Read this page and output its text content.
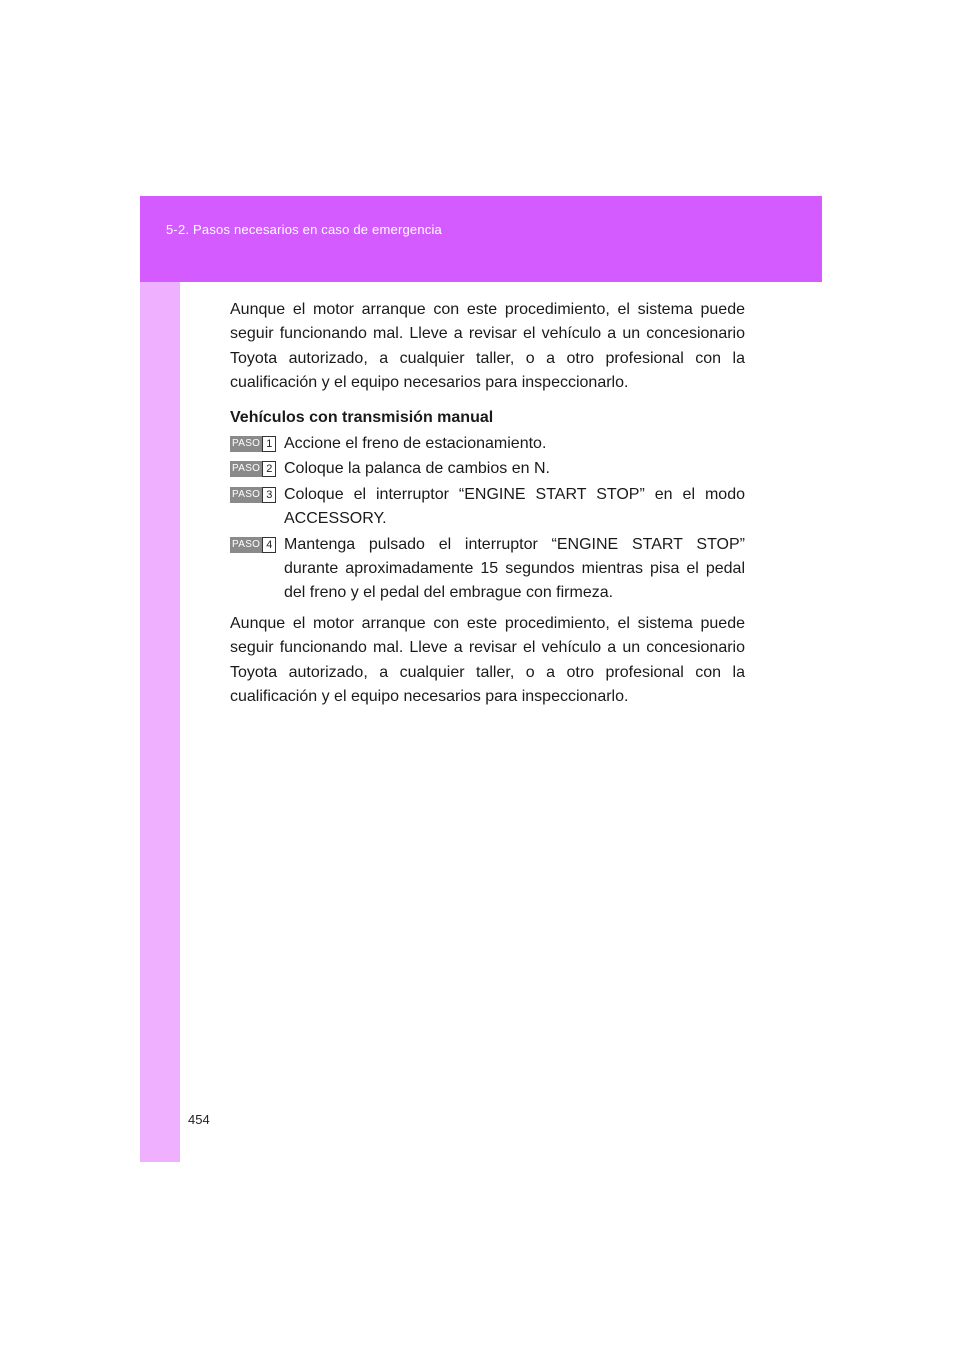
5-2. Pasos necesarios en caso de emergencia

Aunque el motor arranque con este procedimiento, el sistema puede seguir funcionando mal. Lleve a revisar el vehículo a un concesionario Toyota autorizado, a cualquier taller, o a otro profesional con la cualificación y el equipo necesarios para inspeccionarlo.

Vehículos con transmisión manual

PASO 1 Accione el freno de estacionamiento.
PASO 2 Coloque la palanca de cambios en N.
PASO 3 Coloque el interruptor “ENGINE START STOP” en el modo ACCESSORY.
PASO 4 Mantenga pulsado el interruptor “ENGINE START STOP” durante aproximadamente 15 segundos mientras pisa el pedal del freno y el pedal del embrague con firmeza.

Aunque el motor arranque con este procedimiento, el sistema puede seguir funcionando mal. Lleve a revisar el vehículo a un concesionario Toyota autorizado, a cualquier taller, o a otro profesional con la cualificación y el equipo necesarios para inspeccionarlo.

454
